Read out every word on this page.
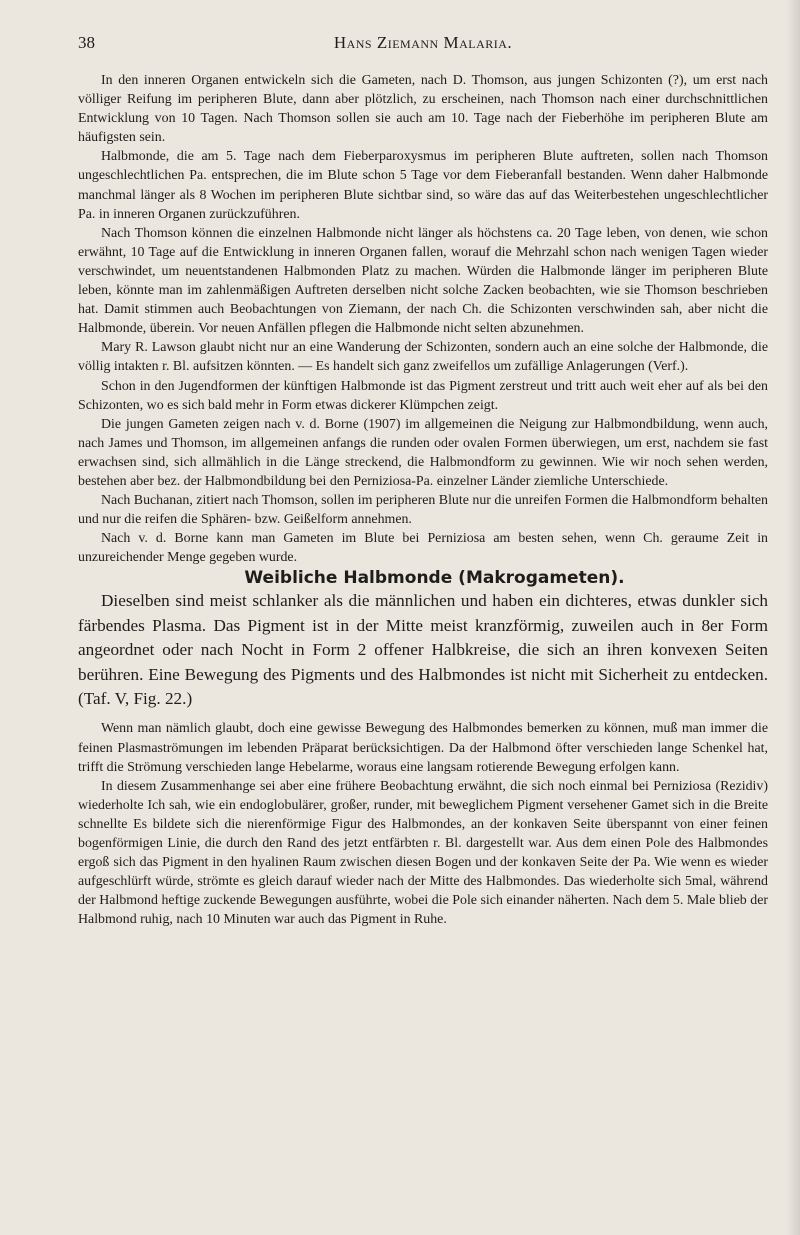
38	Hans Ziemann Malaria.

In den inneren Organen entwickeln sich die Gameten, nach D. Thomson, aus jungen Schizonten (?), um erst nach völliger Reifung im peripheren Blute, dann aber plötzlich, zu erscheinen, nach Thomson nach einer durchschnittlichen Entwicklung von 10 Tagen. Nach Thomson sollen sie auch am 10. Tage nach der Fieberhöhe im peripheren Blute am häufigsten sein.

Halbmonde, die am 5. Tage nach dem Fieberparoxysmus im peripheren Blute auftreten, sollen nach Thomson ungeschlechtlichen Pa. entsprechen, die im Blute schon 5 Tage vor dem Fieberanfall bestanden. Wenn daher Halbmonde manchmal länger als 8 Wochen im peripheren Blute sichtbar sind, so wäre das auf das Weiterbestehen ungeschlechtlicher Pa. in inneren Organen zurückzuführen.

Nach Thomson können die einzelnen Halbmonde nicht länger als höchstens ca. 20 Tage leben, von denen, wie schon erwähnt, 10 Tage auf die Entwicklung in inneren Organen fallen, worauf die Mehrzahl schon nach wenigen Tagen wieder verschwindet, um neuentstandenen Halbmonden Platz zu machen. Würden die Halbmonde länger im peripheren Blute leben, könnte man im zahlenmäßigen Auftreten derselben nicht solche Zacken beobachten, wie sie Thomson beschrieben hat. Damit stimmen auch Beobachtungen von Ziemann, der nach Ch. die Schizonten verschwinden sah, aber nicht die Halbmonde, überein. Vor neuen Anfällen pflegen die Halbmonde nicht selten abzunehmen.

Mary R. Lawson glaubt nicht nur an eine Wanderung der Schizonten, sondern auch an eine solche der Halbmonde, die völlig intakten r. Bl. aufsitzen könnten. — Es handelt sich ganz zweifellos um zufällige Anlagerungen (Verf.).

Schon in den Jugendformen der künftigen Halbmonde ist das Pigment zerstreut und tritt auch weit eher auf als bei den Schizonten, wo es sich bald mehr in Form etwas dickerer Klümpchen zeigt.

Die jungen Gameten zeigen nach v. d. Borne (1907) im allgemeinen die Neigung zur Halbmondbildung, wenn auch, nach James und Thomson, im allgemeinen anfangs die runden oder ovalen Formen überwiegen, um erst, nachdem sie fast erwachsen sind, sich allmählich in die Länge streckend, die Halbmondform zu gewinnen. Wie wir noch sehen werden, bestehen aber bez. der Halbmondbildung bei den Perniziosa-Pa. einzelner Länder ziemliche Unterschiede.

Nach Buchanan, zitiert nach Thomson, sollen im peripheren Blute nur die unreifen Formen die Halbmondform behalten und nur die reifen die Sphären- bzw. Geißelform annehmen.

Nach v. d. Borne kann man Gameten im Blute bei Perniziosa am besten sehen, wenn Ch. geraume Zeit in unzureichender Menge gegeben wurde.

Weibliche Halbmonde (Makrogameten).

Dieselben sind meist schlanker als die männlichen und haben ein dichteres, etwas dunkler sich färbendes Plasma. Das Pigment ist in der Mitte meist kranzförmig, zuweilen auch in 8er Form angeordnet oder nach Nocht in Form 2 offener Halbkreise, die sich an ihren konvexen Seiten berühren. Eine Bewegung des Pigments und des Halbmondes ist nicht mit Sicherheit zu entdecken. (Taf. V, Fig. 22.)

Wenn man nämlich glaubt, doch eine gewisse Bewegung des Halbmondes bemerken zu können, muß man immer die feinen Plasmaströmungen im lebenden Präparat berücksichtigen. Da der Halbmond öfter verschieden lange Schenkel hat, trifft die Strömung verschieden lange Hebelarme, woraus eine langsam rotierende Bewegung erfolgen kann.

In diesem Zusammenhange sei aber eine frühere Beobachtung erwähnt, die sich noch einmal bei Perniziosa (Rezidiv) wiederholte Ich sah, wie ein endoglobulärer, großer, runder, mit beweglichem Pigment versehener Gamet sich in die Breite schnellte Es bildete sich die nierenförmige Figur des Halbmondes, an der konkaven Seite überspannt von einer feinen bogenförmigen Linie, die durch den Rand des jetzt entfärbten r. Bl. dargestellt war. Aus dem einen Pole des Halbmondes ergoß sich das Pigment in den hyalinen Raum zwischen diesen Bogen und der konkaven Seite der Pa. Wie wenn es wieder aufgeschlürft würde, strömte es gleich darauf wieder nach der Mitte des Halbmondes. Das wiederholte sich 5mal, während der Halbmond heftige zuckende Bewegungen ausführte, wobei die Pole sich einander näherten. Nach dem 5. Male blieb der Halbmond ruhig, nach 10 Minuten war auch das Pigment in Ruhe.
